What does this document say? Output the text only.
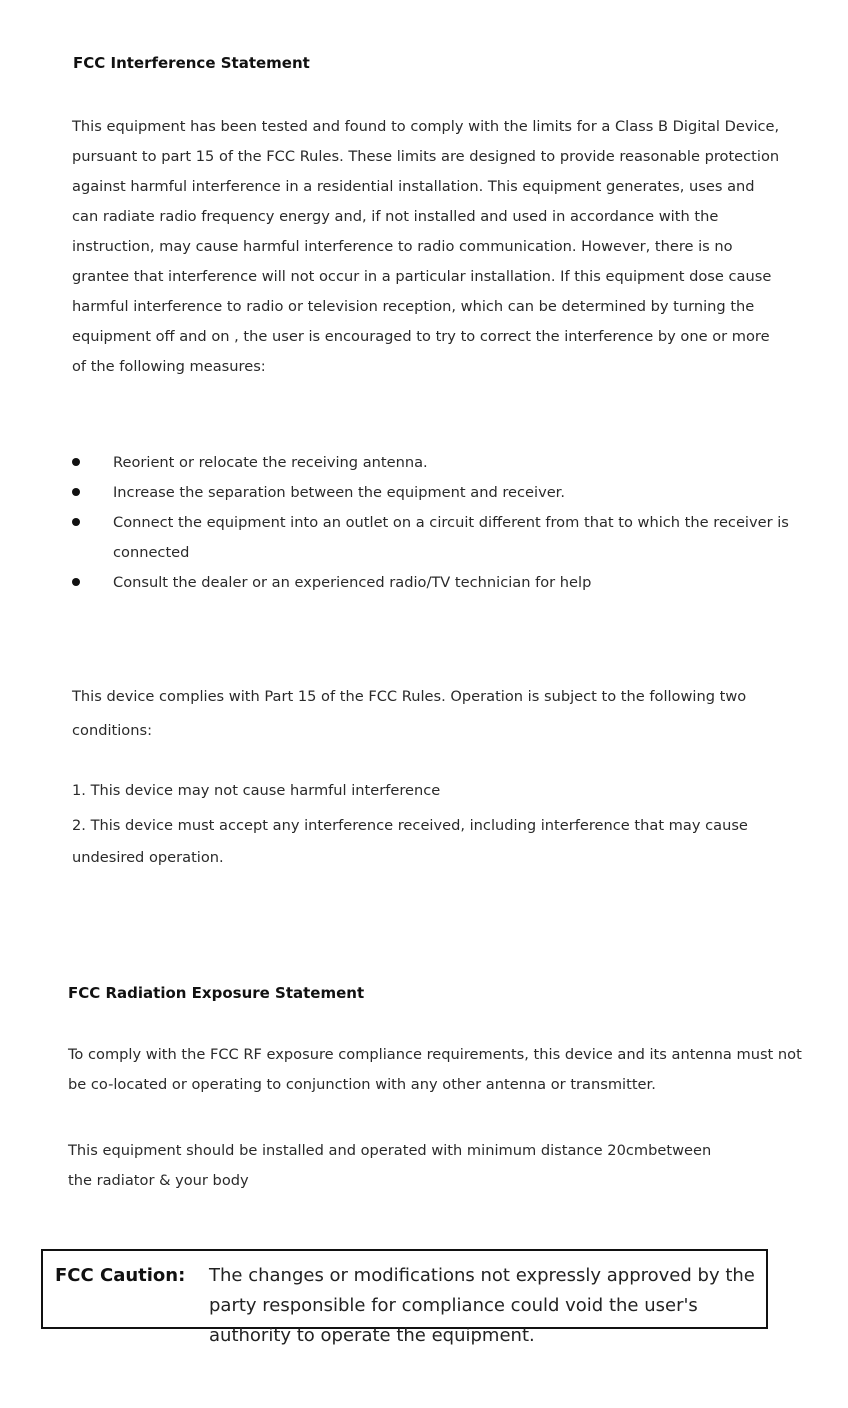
FCC Interference Statement

This equipment has been tested and found to comply with the limits for a Class B Digital Device, pursuant to part 15 of the FCC Rules. These limits are designed to provide reasonable protection against harmful interference in a residential installation. This equipment generates, uses and can radiate radio frequency energy and, if not installed and used in accordance with the instruction, may cause harmful interference to radio communication. However, there is no grantee that interference will not occur in a particular installation. If this equipment dose cause harmful interference to radio or television reception, which can be determined by turning the equipment off and on , the user is encouraged to try to correct the interference by one or more of the following measures:

Reorient or relocate the receiving antenna.
Increase the separation between the equipment and receiver.
Connect the equipment into an outlet on a circuit different from that to which the receiver is connected
Consult the dealer or an experienced radio/TV technician for help

This device complies with Part 15 of the FCC Rules. Operation is subject to the following two conditions:

1. This device may not cause harmful interference

2. This device must accept any interference received, including interference that may cause undesired operation.

FCC Radiation Exposure Statement

To comply with the FCC RF exposure compliance requirements, this device and its antenna must not be co-located or operating to conjunction with any other antenna or transmitter.

This equipment should be installed and operated with minimum distance 20cmbetween the radiator & your body

FCC Caution: The changes or modifications not expressly approved by the party responsible for compliance could void the user's authority to operate the equipment.
